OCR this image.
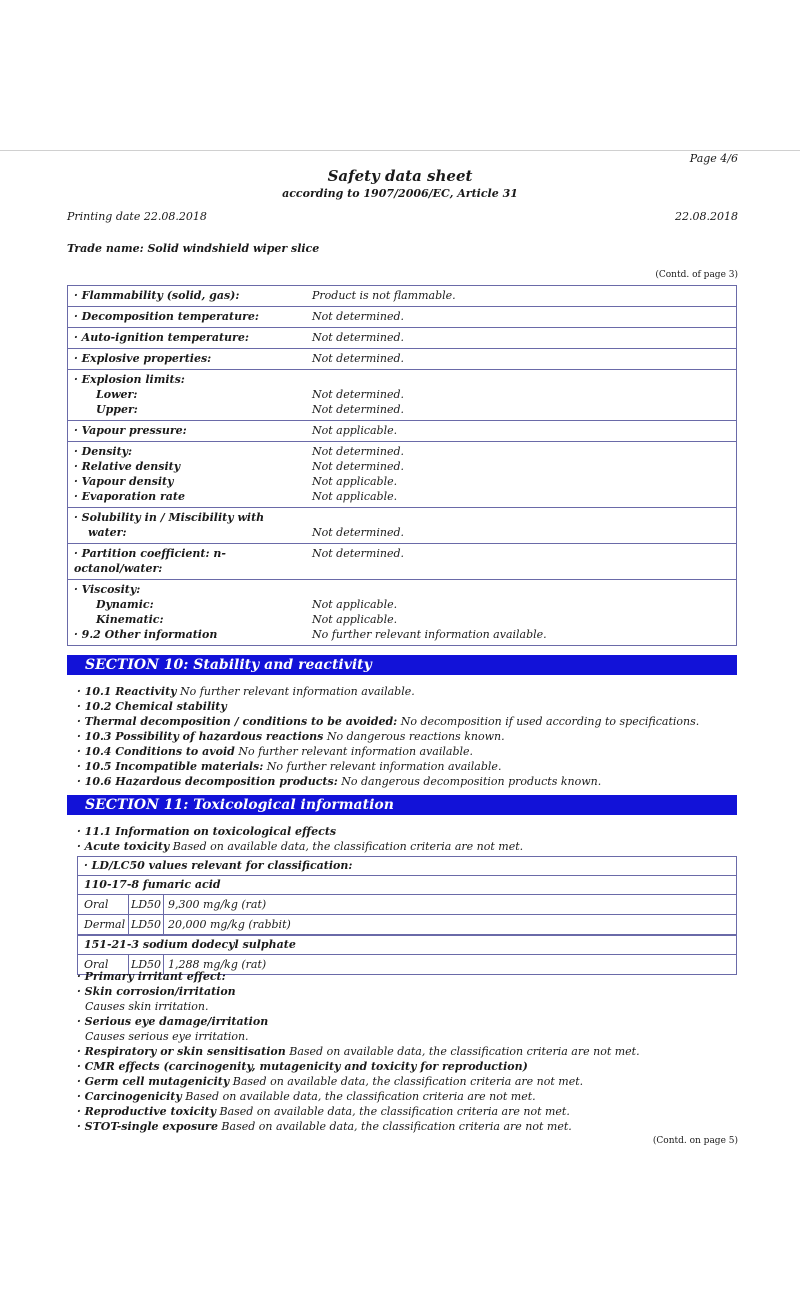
Page 4/6
Safety data sheet
according to 1907/2006/EC, Article 31
Printing date 22.08.2018	22.08.2018
Trade name: Solid windshield wiper slice
(Contd. of page 3)
· Flammability (solid, gas):	Product is not flammable.
· Decomposition temperature:	Not determined.
· Auto-ignition temperature:	Not determined.
· Explosive properties:	Not determined.
· Explosion limits:
Lower:	Not determined.
Upper:	Not determined.
· Vapour pressure:	Not applicable.
· Density:	Not determined.
· Relative density	Not determined.
· Vapour density	Not applicable.
· Evaporation rate	Not applicable.
· Solubility in / Miscibility with
water:	Not determined.
· Partition coefficient: n-octanol/water:
Not determined.
· Viscosity:
Dynamic:	Not applicable.
Kinematic:	Not applicable.
· 9.2 Other information	No further relevant information available.
SECTION 10: Stability and reactivity
· 10.1 Reactivity No further relevant information available.
· 10.2 Chemical stability
· Thermal decomposition / conditions to be avoided: No decomposition if used according to specifications.
· 10.3 Possibility of hazardous reactions No dangerous reactions known.
· 10.4 Conditions to avoid No further relevant information available.
· 10.5 Incompatible materials: No further relevant information available.
· 10.6 Hazardous decomposition products: No dangerous decomposition products known.
SECTION 11: Toxicological information
· 11.1 Information on toxicological effects
· Acute toxicity Based on available data, the classification criteria are not met.
· LD/LC50 values relevant for classification:
110-17-8 fumaric acid
Oral	LD50 9,300 mg/kg (rat)
Dermal LD50 20,000 mg/kg (rabbit)
151-21-3 sodium dodecyl sulphate
Oral	LD50 1,288 mg/kg (rat)
· Primary irritant effect:
· Skin corrosion/irritation
Causes skin irritation.
· Serious eye damage/irritation
Causes serious eye irritation.
· Respiratory or skin sensitisation Based on available data, the classification criteria are not met.
· CMR effects (carcinogenity, mutagenicity and toxicity for reproduction)
· Germ cell mutagenicity Based on available data, the classification criteria are not met.
· Carcinogenicity Based on available data, the classification criteria are not met.
· Reproductive toxicity Based on available data, the classification criteria are not met.
· STOT-single exposure Based on available data, the classification criteria are not met.
(Contd. on page 5)
